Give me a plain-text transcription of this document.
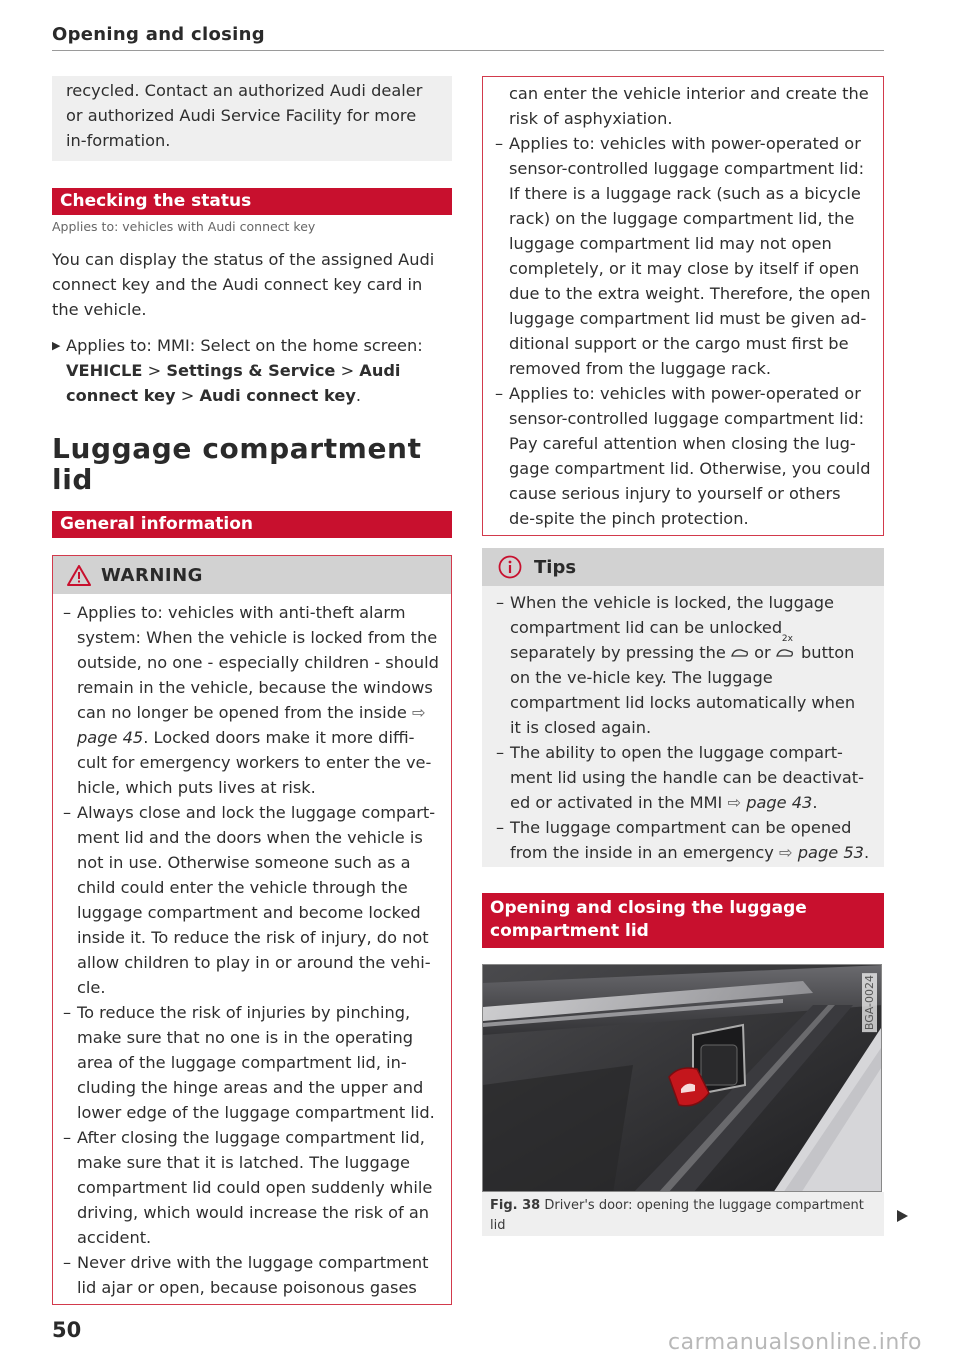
Opening and closing
recycled. Contact an authorized Audi dealer or authorized Audi Service Facility for more in-formation.
Checking the status
Applies to: vehicles with Audi connect key
You can display the status of the assigned Audi connect key and the Audi connect key card in the vehicle.
▶ Applies to: MMI: Select on the home screen: VEHICLE > Settings & Service > Audi connect key > Audi connect key.
Luggage compartment lid
General information
WARNING
– Applies to: vehicles with anti-theft alarm system: When the vehicle is locked from the outside, no one - especially children - should remain in the vehicle, because the windows can no longer be opened from the inside ⇨ page 45. Locked doors make it more diffi-cult for emergency workers to enter the ve-hicle, which puts lives at risk.
– Always close and lock the luggage compart-ment lid and the doors when the vehicle is not in use. Otherwise someone such as a child could enter the vehicle through the luggage compartment and become locked inside it. To reduce the risk of injury, do not allow children to play in or around the vehi-cle.
– To reduce the risk of injuries by pinching, make sure that no one is in the operating area of the luggage compartment lid, in-cluding the hinge areas and the upper and lower edge of the luggage compartment lid.
– After closing the luggage compartment lid, make sure that it is latched. The luggage compartment lid could open suddenly while driving, which would increase the risk of an accident.
– Never drive with the luggage compartment lid ajar or open, because poisonous gases
can enter the vehicle interior and create the risk of asphyxiation.
– Applies to: vehicles with power-operated or sensor-controlled luggage compartment lid: If there is a luggage rack (such as a bicycle rack) on the luggage compartment lid, the luggage compartment lid may not open completely, or it may close by itself if open due to the extra weight. Therefore, the open luggage compartment lid must be given ad-ditional support or the cargo must first be removed from the luggage rack.
– Applies to: vehicles with power-operated or sensor-controlled luggage compartment lid: Pay careful attention when closing the lug-gage compartment lid. Otherwise, you could cause serious injury to yourself or others de-spite the pinch protection.
Tips
– When the vehicle is locked, the luggage compartment lid can be unlocked separately by pressing the or
2x
button on the ve-hicle key. The luggage compartment lid locks automatically when it is closed again.
– The ability to open the luggage compart-ment lid using the handle can be deactivat-ed or activated in the MMI ⇨ page 43.
– The luggage compartment can be opened from the inside in an emergency ⇨ page 53.
Opening and closing the luggage compartment lid
BGA-0024
Fig. 38 Driver's door: opening the luggage compartment lid
50	carmanualsonline.info
